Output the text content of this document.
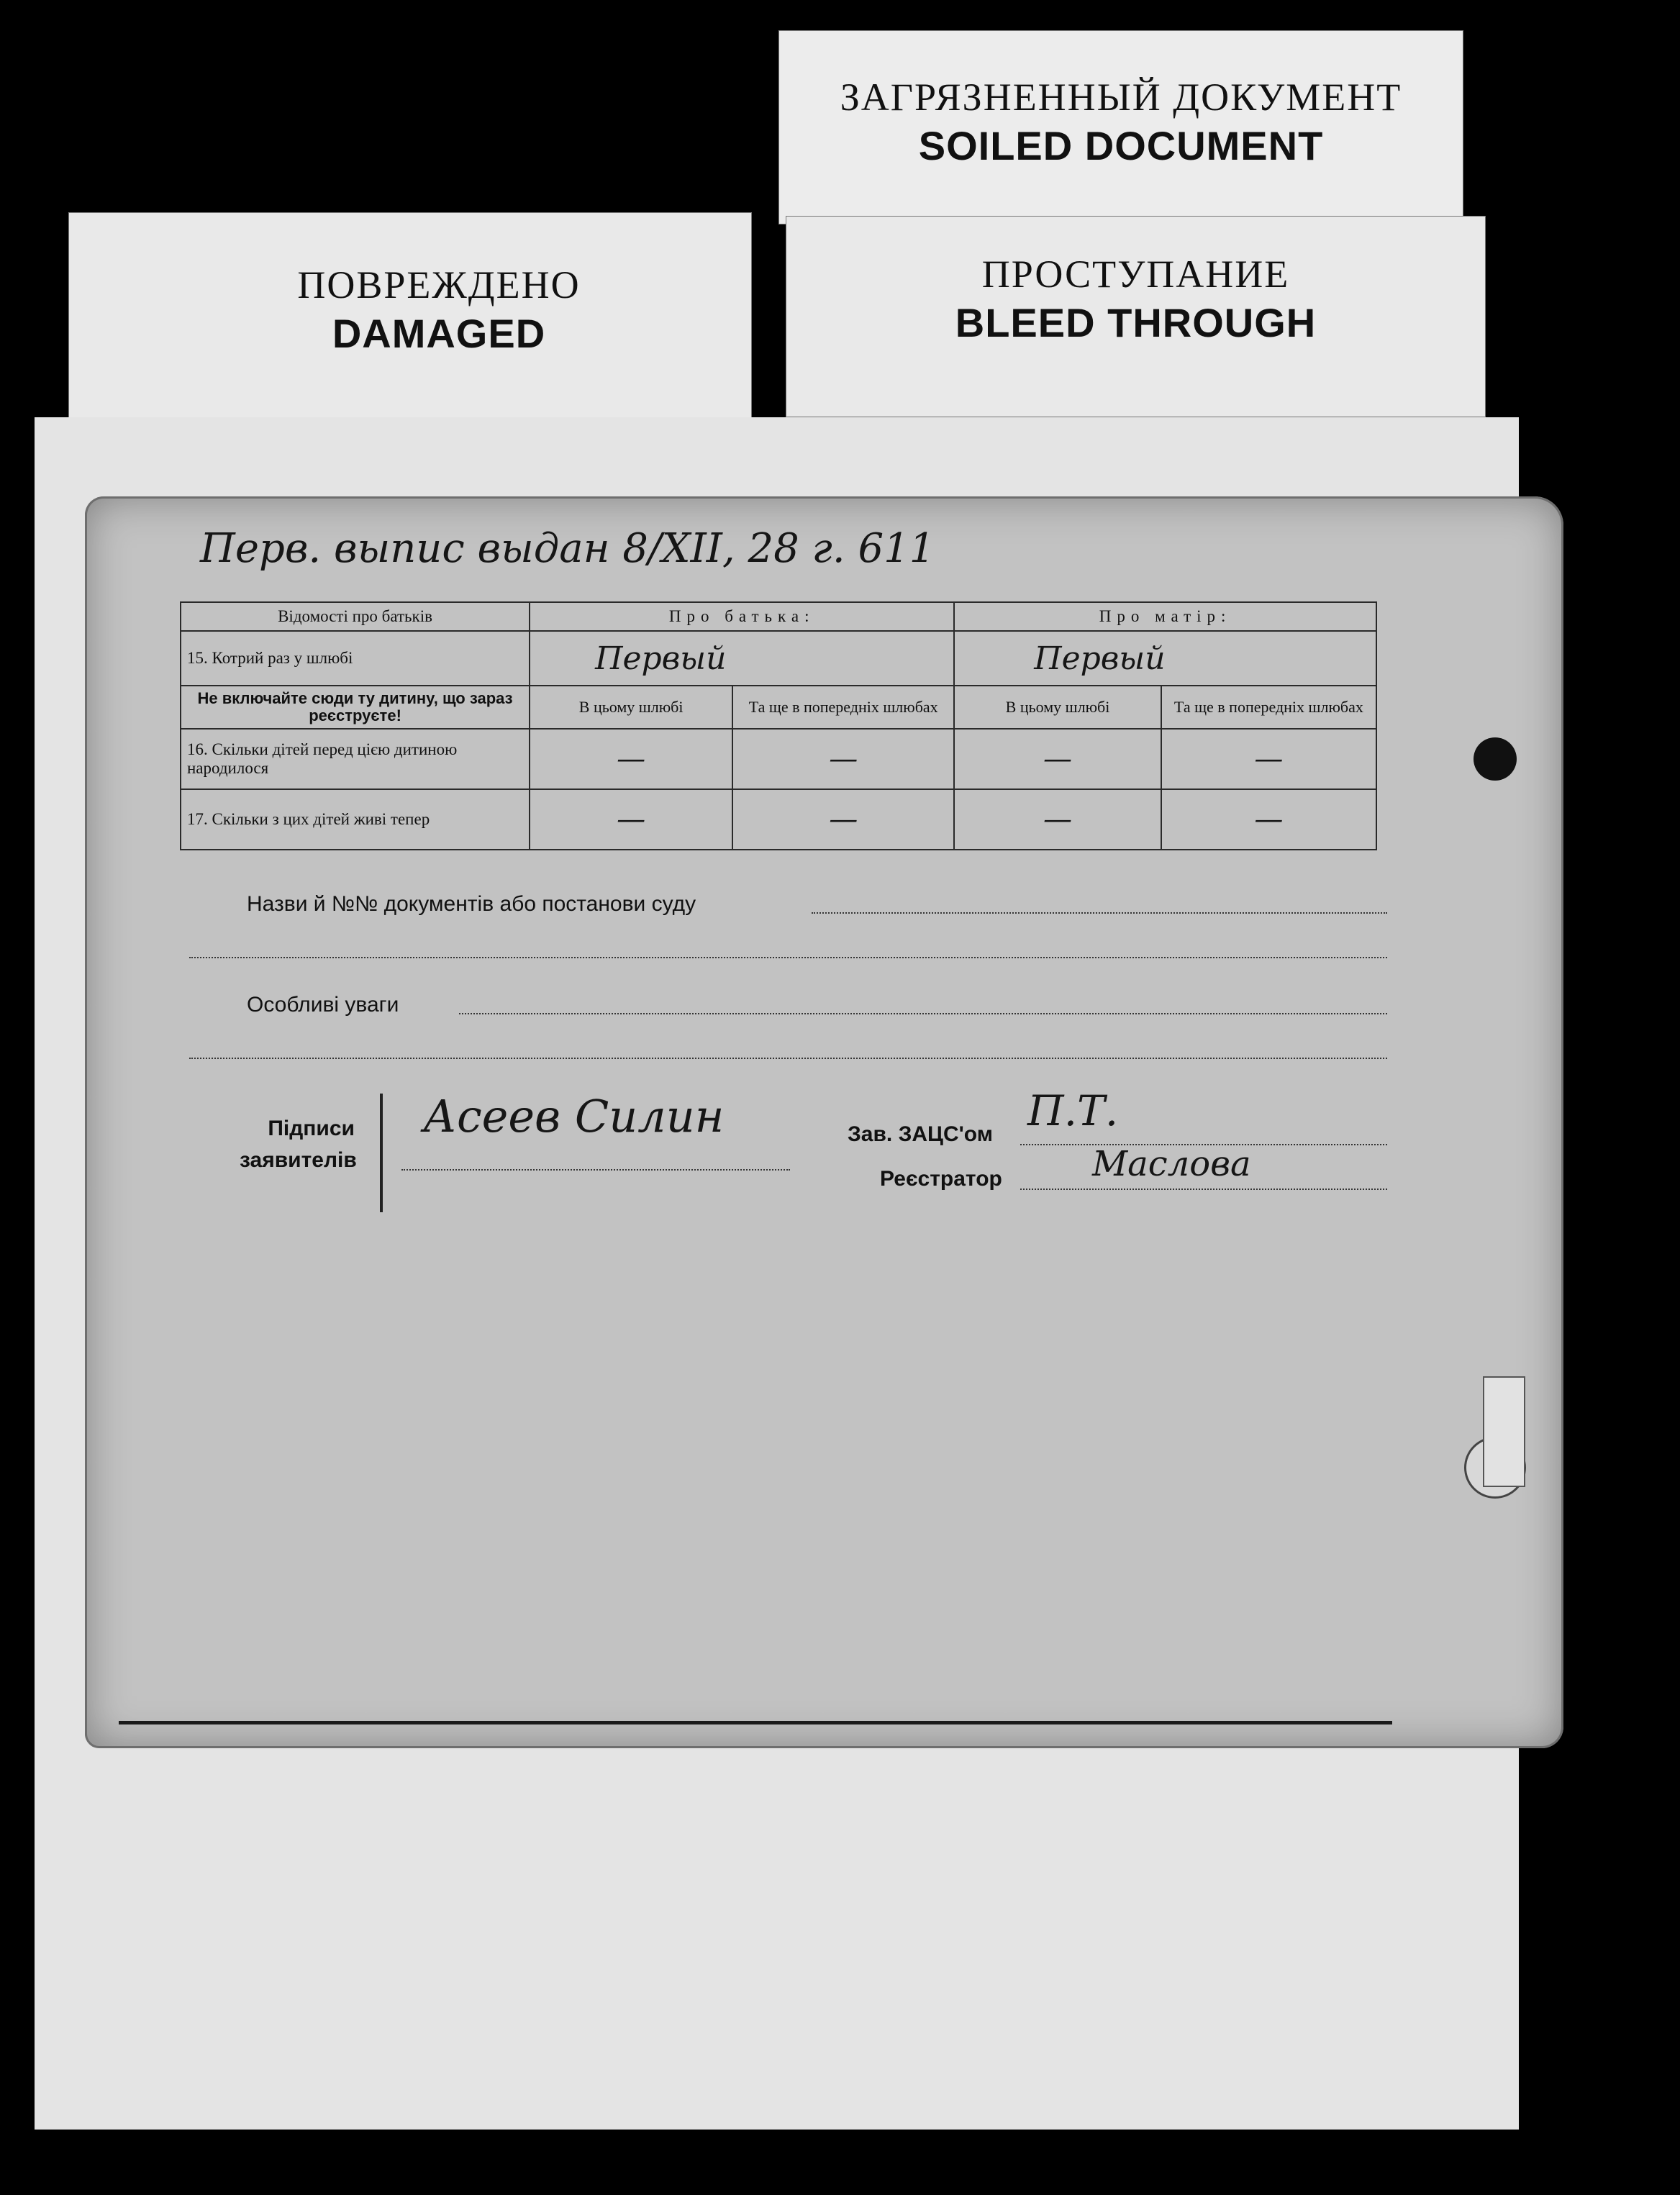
ЗАГРЯЗНЕННЫЙ ДОКУМЕНТ
SOILED DOCUMENT
ПОВРЕЖДЕНО
DAMAGED
ПРОСТУПАНИЕ
BLEED THROUGH
Перв. выпис выдан 8/XII, 28 г. 611
Відомості про батьків	Про батька:		Про матір:	
15. Котрий раз у шлюбі	Первый		Первый	
Не включайте сюди ту дитину, що зараз реєструєте!	В цьому шлюбі	Та ще в попередніх шлюбах	В цьому шлюбі	Та ще в попередніх шлюбах
16. Скільки дітей перед цією дитиною народилося	—	—	—	—
17. Скільки з цих дітей живі тепер	—	—	—	—
Назви й №№ документів або постанови суду
Особливі уваги
Підписи
заявителів
Асеев Силин	Зав. ЗАЦС'ом П.Т.
Реєстратор	Маслова
